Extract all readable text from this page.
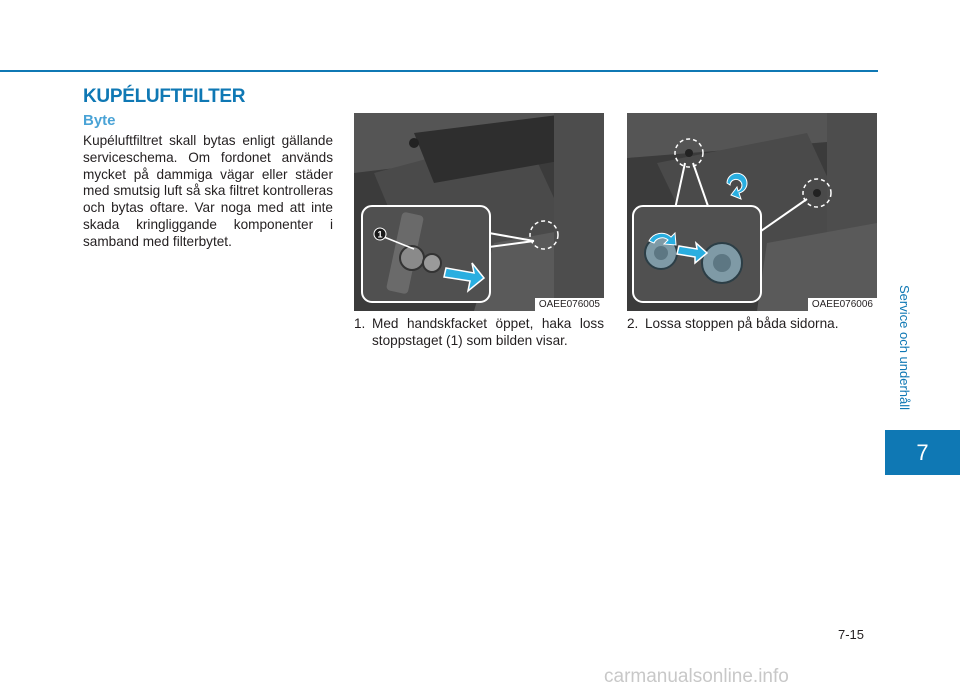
KUPÉLUFTFILTER
Byte
Kupéluftfiltret skall bytas enligt gällande serviceschema. Om fordonet används mycket på dammiga vägar eller städer med smutsig luft så ska filtret kontrolleras och bytas oftare. Var noga med att inte skada kringliggande komponenter i samband med filterbytet.	1
OAEE076005	OAEE076006
1. Med handskfacket öppet, haka loss stoppstaget (1) som bilden visar.
2. Lossa stoppen på båda sidorna.	Service och underhåll
7
7-15
carmanualsonline.info
